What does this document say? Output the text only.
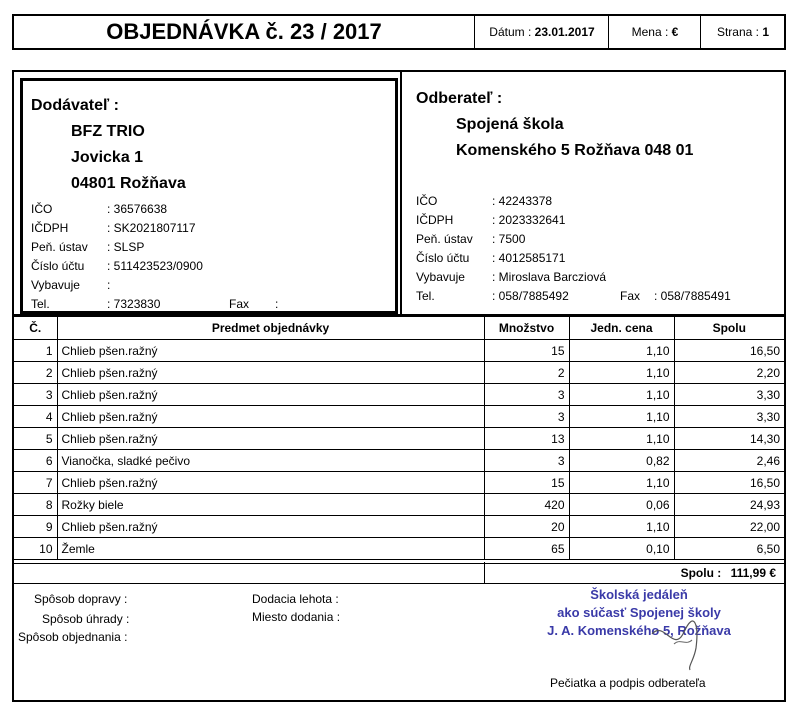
OBJEDNÁVKA č. 23 / 2017	Dátum : 23.01.2017	Mena : €	Strana : 1
Dodávateľ :
BFZ TRIO
Jovicka 1
04801 Rožňava
IČO	: 36576638
IČDPH	: SK2021807117
Peň. ústav : SLSP
Číslo účtu : 511423523/0900
Vybavuje :
Tel.	: 7323830	Fax :
Odberateľ :
Spojená škola
Komenského 5 Rožňava 048 01
IČO	: 42243378
IČDPH	: 2023332641
Peň. ústav : 7500
Číslo účtu : 4012585171
Vybavuje : Miroslava Barcziová
Tel.	: 058/7885492	Fax : 058/7885491
Č.	Predmet objednávky	Množstvo	Jedn. cena	Spolu
1	Chlieb pšen.ražný	15	1,10	16,50
2	Chlieb pšen.ražný	2	1,10	2,20
3	Chlieb pšen.ražný	3	1,10	3,30
4	Chlieb pšen.ražný	3	1,10	3,30
5	Chlieb pšen.ražný	13	1,10	14,30
6	Vianočka, sladké pečivo	3	0,82	2,46
7	Chlieb pšen.ražný	15	1,10	16,50
8	Rožky biele	420	0,06	24,93
9	Chlieb pšen.ražný	20	1,10	22,00
10	Žemle	65	0,10	6,50
Spolu : 111,99 €
Spôsob dopravy :
Spôsob úhrady :
Spôsob objednania :
Dodacia lehota :
Miesto dodania :
Školská jedáleň
ako súčasť Spojenej školy
J. A. Komenského 5, Rožňava
Pečiatka a podpis odberateľa
